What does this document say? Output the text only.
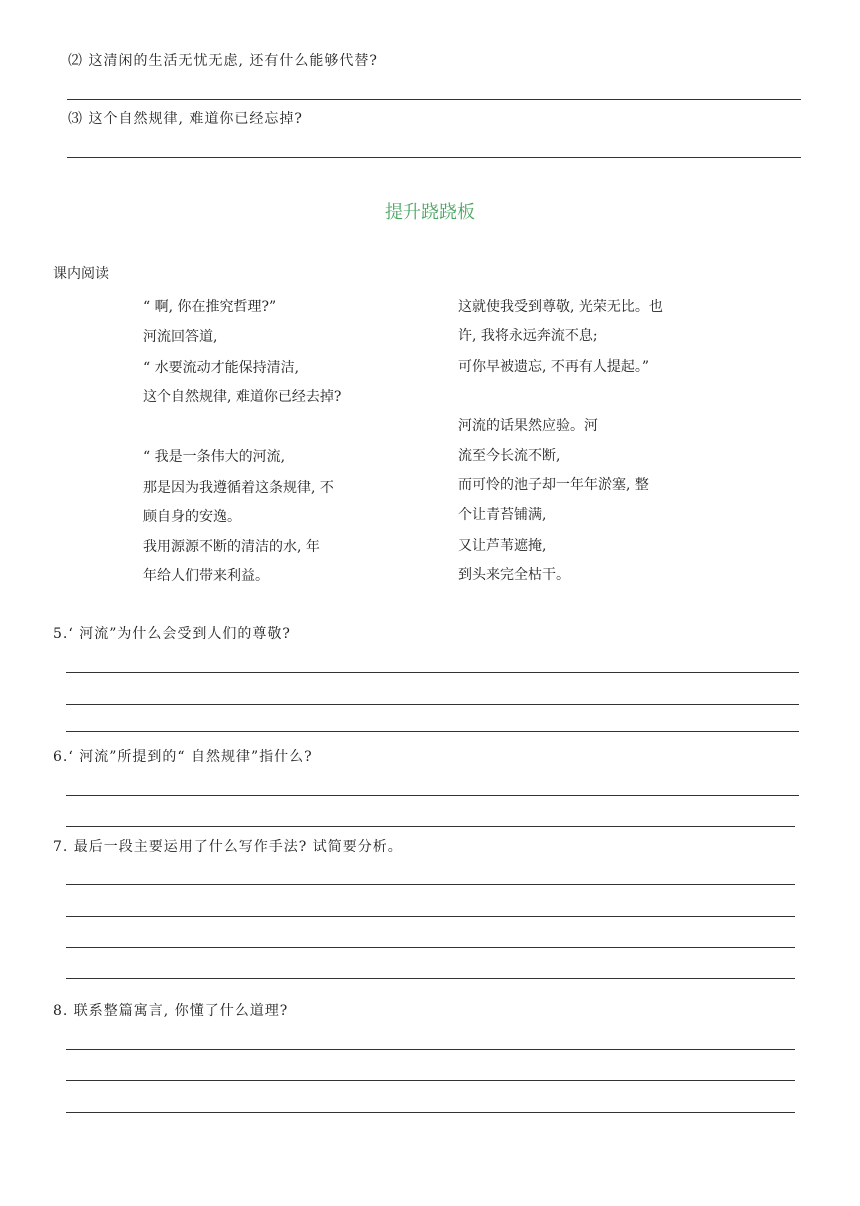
⑵ 这清闲的生活无忧无虑, 还有什么能够代替?
⑶ 这个自然规律, 难道你已经忘掉?
提升跷跷板
课内阅读
“ 啊, 你在推究哲理?”
河流回答道,
“ 水要流动才能保持清洁,
这个自然规律, 难道你已经去掉?
“ 我是一条伟大的河流,
那是因为我遵循着这条规律, 不
顾自身的安逸。
我用源源不断的清洁的水, 年
年给人们带来利益。
这就使我受到尊敬, 光荣无比。也
许, 我将永远奔流不息;
可你早被遗忘, 不再有人提起。”
河流的话果然应验。河
流至今长流不断,
而可怜的池子却一年年淤塞, 整
个让青苔铺满,
又让芦苇遮掩,
到头来完全枯干。
5.‘ 河流”为什么会受到人们的尊敬?
6.‘ 河流”所提到的“ 自然规律”指什么?
7. 最后一段主要运用了什么写作手法? 试简要分析。
8. 联系整篇寓言, 你懂了什么道理?
